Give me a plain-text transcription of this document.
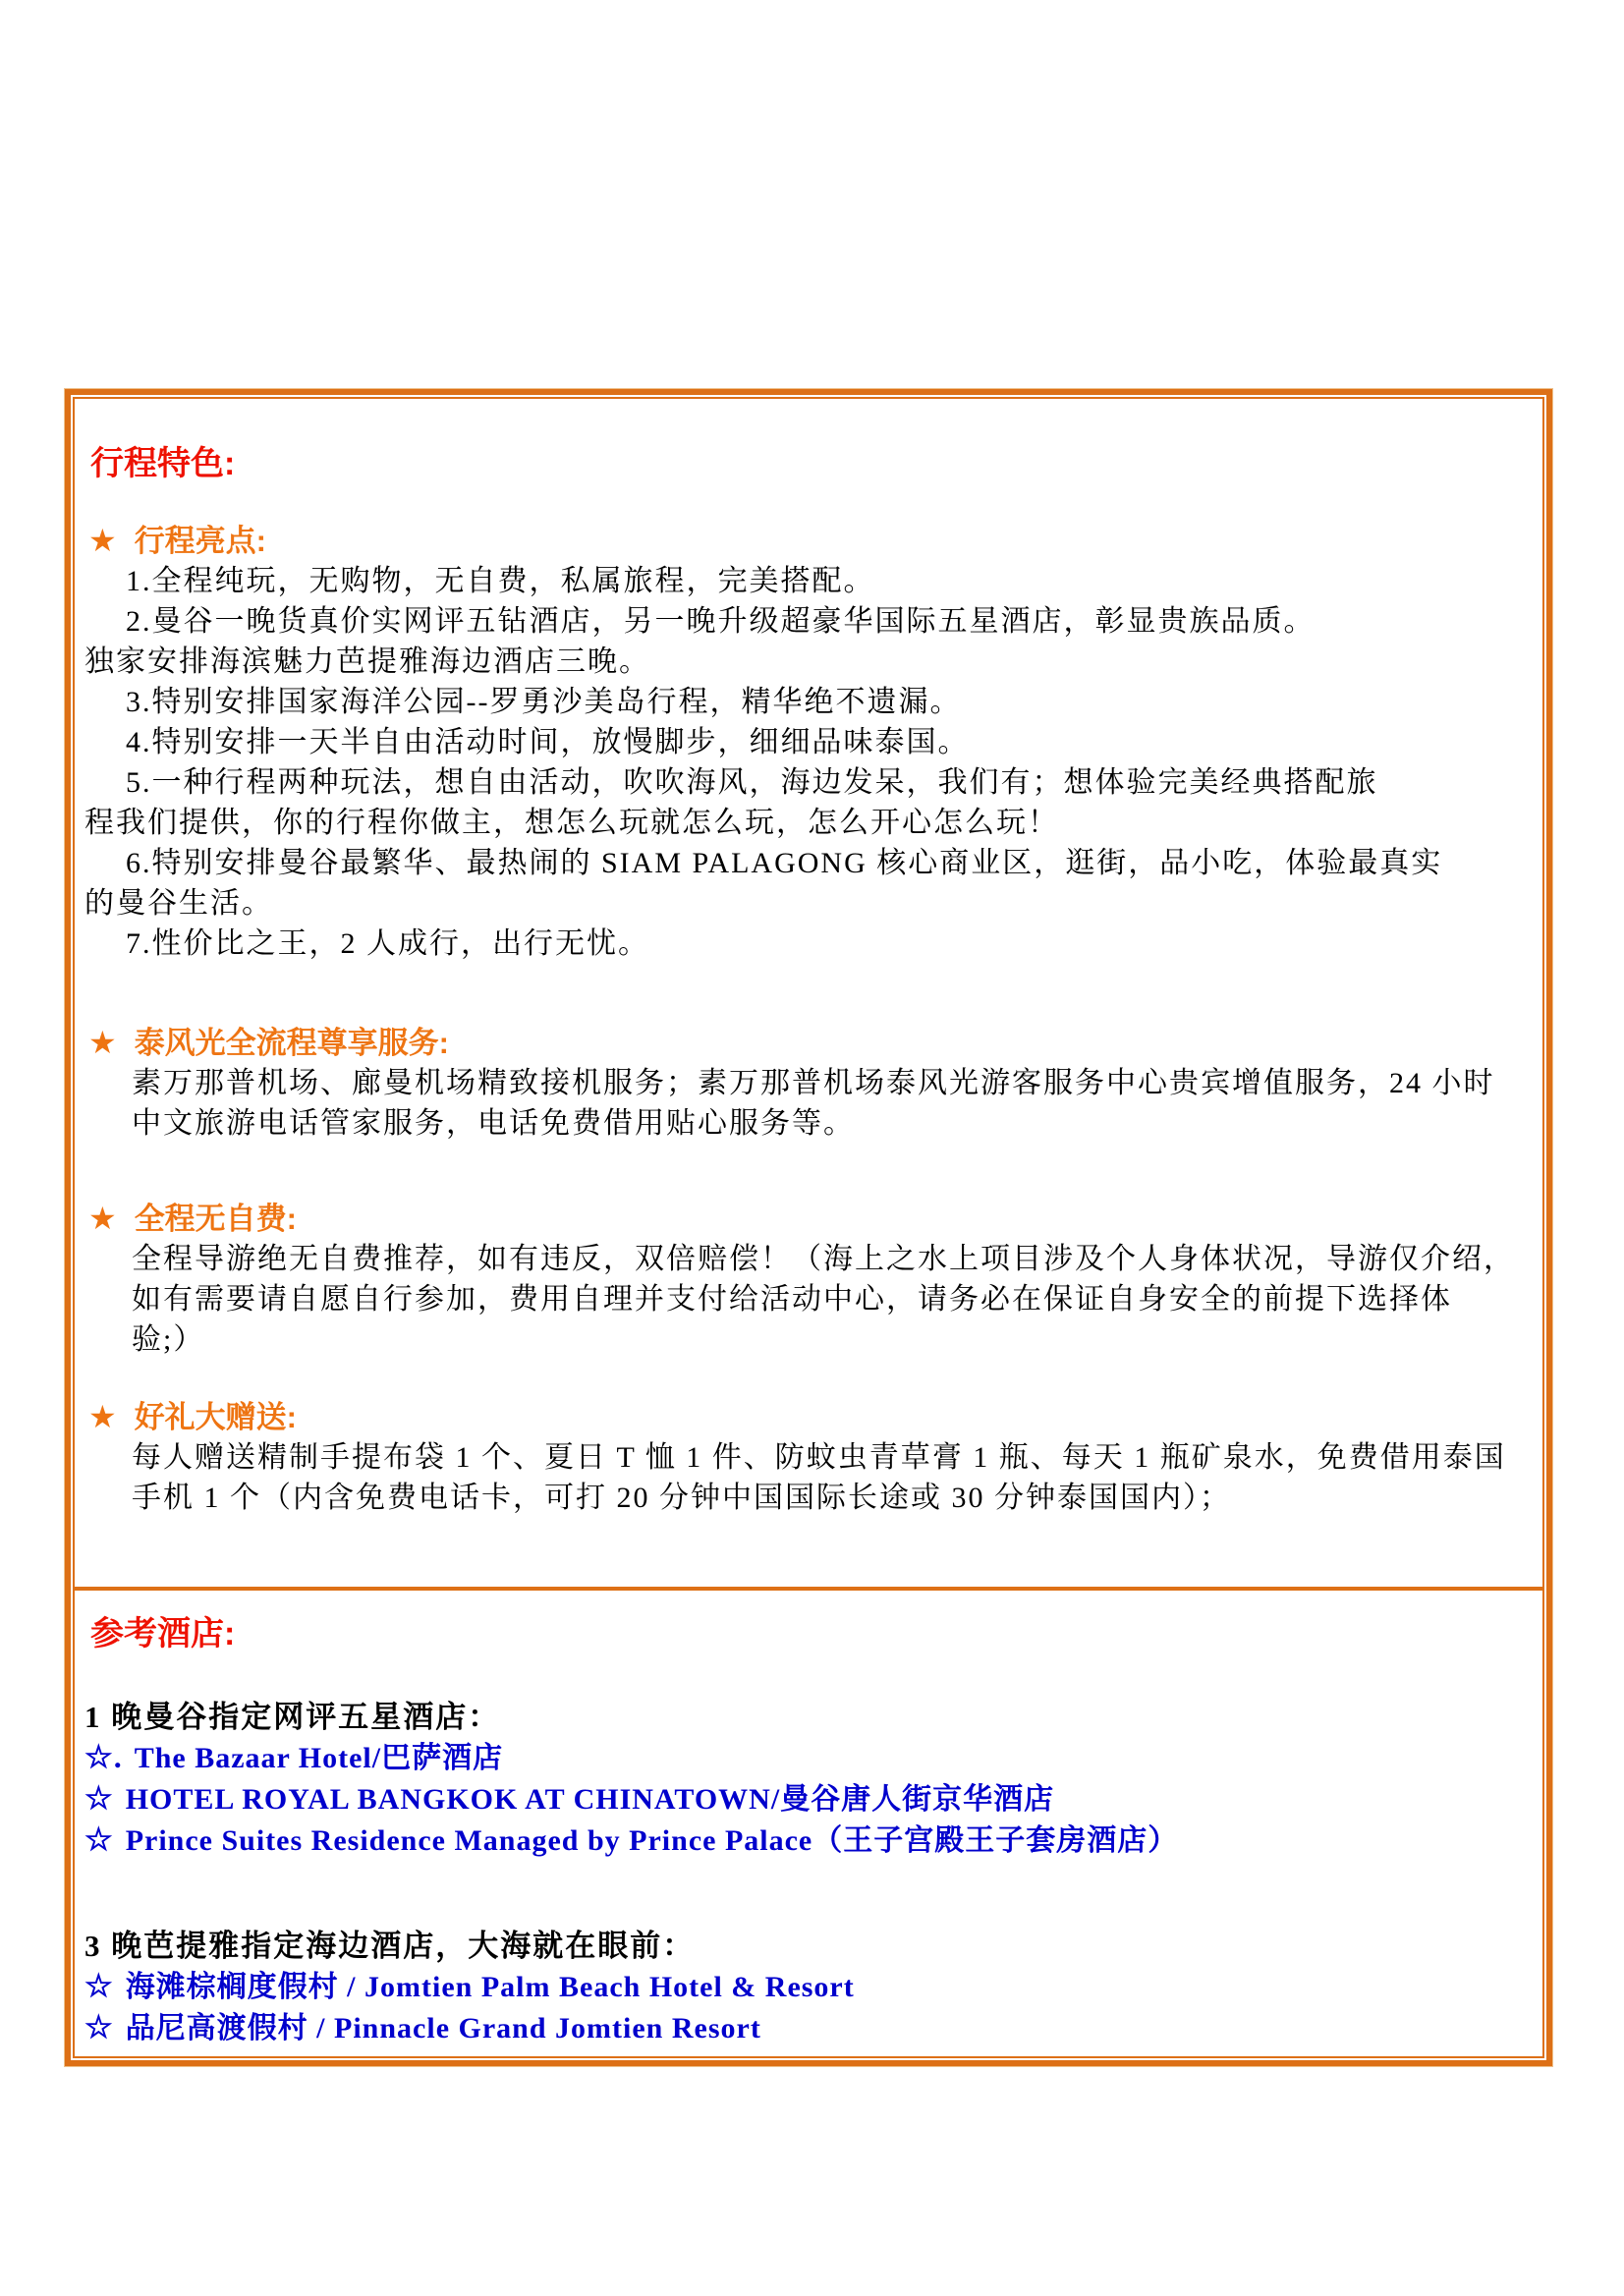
行程特色:
★ 行程亮点:
1.全程纯玩，无购物，无自费，私属旅程，完美搭配。
2.曼谷一晚货真价实网评五钻酒店，另一晚升级超豪华国际五星酒店，彰显贵族品质。
独家安排海滨魅力芭提雅海边酒店三晚。
3.特别安排国家海洋公园--罗勇沙美岛行程，精华绝不遗漏。
4.特别安排一天半自由活动时间，放慢脚步，细细品味泰国。
5.一种行程两种玩法，想自由活动，吹吹海风，海边发呆，我们有；想体验完美经典搭配旅
程我们提供，你的行程你做主，想怎么玩就怎么玩，怎么开心怎么玩！
6.特别安排曼谷最繁华、最热闹的 SIAM PALAGONG 核心商业区，逛街，品小吃，体验最真实
的曼谷生活。
7.性价比之王，2 人成行，出行无忧。
★ 泰风光全流程尊享服务:
素万那普机场、廊曼机场精致接机服务；素万那普机场泰风光游客服务中心贵宾增值服务，24 小时
中文旅游电话管家服务，电话免费借用贴心服务等。
★ 全程无自费:
全程导游绝无自费推荐，如有违反，双倍赔偿！（海上之水上项目涉及个人身体状况，导游仅介绍，
如有需要请自愿自行参加，费用自理并支付给活动中心，请务必在保证自身安全的前提下选择体
验;）
★ 好礼大赠送:
每人赠送精制手提布袋 1 个、夏日 T 恤 1 件、防蚊虫青草膏 1 瓶、每天 1 瓶矿泉水，免费借用泰国
手机 1 个（内含免费电话卡，可打 20 分钟中国国际长途或 30 分钟泰国国内）；
参考酒店:
1 晚曼谷指定网评五星酒店：
☆. The Bazaar Hotel/巴萨酒店
☆ HOTEL ROYAL BANGKOK AT CHINATOWN/曼谷唐人街京华酒店
☆ Prince Suites Residence Managed by Prince Palace（王子宫殿王子套房酒店）
3 晚芭提雅指定海边酒店，大海就在眼前：
☆ 海滩棕榈度假村 / Jomtien Palm Beach Hotel & Resort
☆ 品尼高渡假村 / Pinnacle Grand Jomtien Resort
